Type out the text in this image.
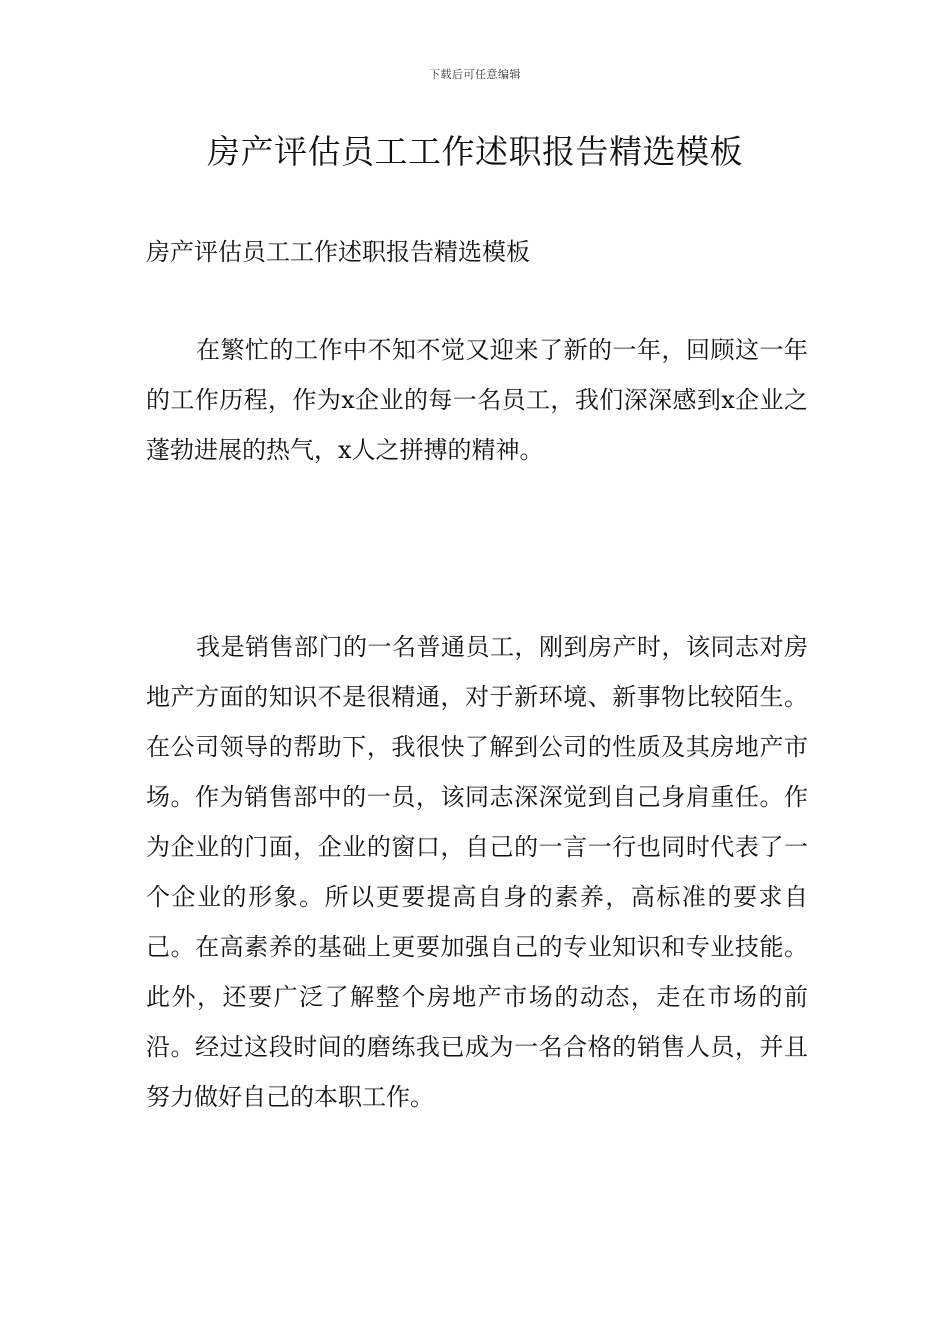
下载后可任意编辑
房产评估员工工作述职报告精选模板

房产评估员工工作述职报告精选模板

在繁忙的工作中不知不觉又迎来了新的一年，回顾这一年的工作历程，作为x企业的每一名员工，我们深深感到x企业之蓬勃进展的热气，x人之拼搏的精神。

我是销售部门的一名普通员工，刚到房产时，该同志对房地产方面的知识不是很精通，对于新环境、新事物比较陌生。在公司领导的帮助下，我很快了解到公司的性质及其房地产市场。作为销售部中的一员，该同志深深觉到自己身肩重任。作为企业的门面，企业的窗口，自己的一言一行也同时代表了一个企业的形象。所以更要提高自身的素养，高标准的要求自己。在高素养的基础上更要加强自己的专业知识和专业技能。此外，还要广泛了解整个房地产市场的动态，走在市场的前沿。经过这段时间的磨练我已成为一名合格的销售人员，并且努力做好自己的本职工作。
